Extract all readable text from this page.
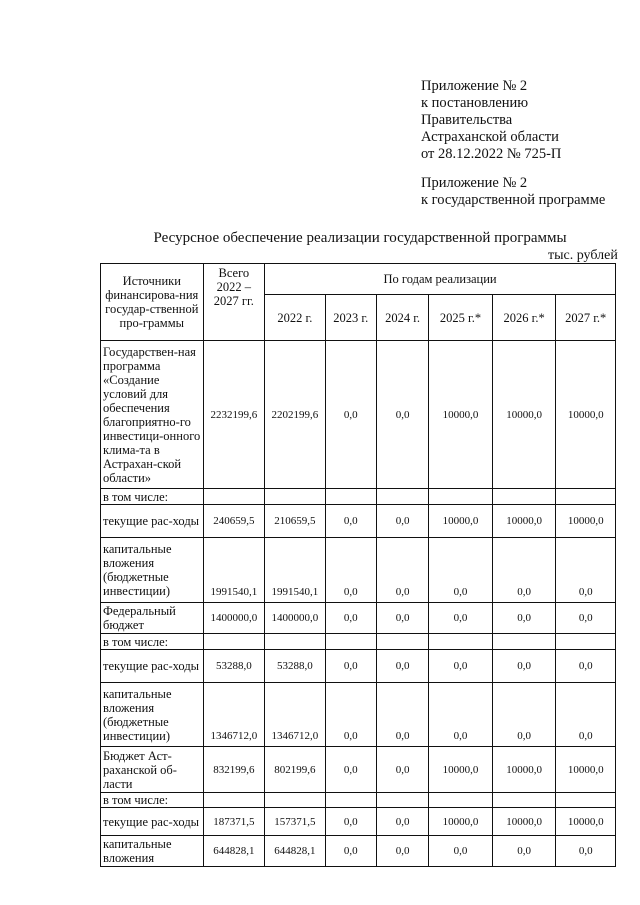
Приложение № 2
к постановлению
Правительства
Астраханской области
от 28.12.2022 № 725-П
Приложение № 2
к государственной программе
Ресурсное обеспечение реализации государственной программы
тыс. рублей
Источники финансирова-ния государ-ственной про-граммы	Всего 2022 – 2027 гг.	По годам реализации					
		2022 г.	2023 г.	2024 г.	2025 г.*	2026 г.*	2027 г.*
Государствен-ная программа «Создание условий для обеспечения благоприятно-го инвестици-онного клима-та в Астрахан-ской области»	2232199,6	2202199,6	0,0	0,0	10000,0	10000,0	10000,0
в том числе:							
текущие рас-ходы	240659,5	210659,5	0,0	0,0	10000,0	10000,0	10000,0
капитальные вложения (бюджетные инвестиции)	1991540,1	1991540,1	0,0	0,0	0,0	0,0	0,0
Федеральный бюджет	1400000,0	1400000,0	0,0	0,0	0,0	0,0	0,0
в том числе:							
текущие рас-ходы	53288,0	53288,0	0,0	0,0	0,0	0,0	0,0
капитальные вложения (бюджетные инвестиции)	1346712,0	1346712,0	0,0	0,0	0,0	0,0	0,0
Бюджет Аст-раханской об-ласти	832199,6	802199,6	0,0	0,0	10000,0	10000,0	10000,0
в том числе:							
текущие рас-ходы	187371,5	157371,5	0,0	0,0	10000,0	10000,0	10000,0
капитальные вложения	644828,1	644828,1	0,0	0,0	0,0	0,0	0,0
